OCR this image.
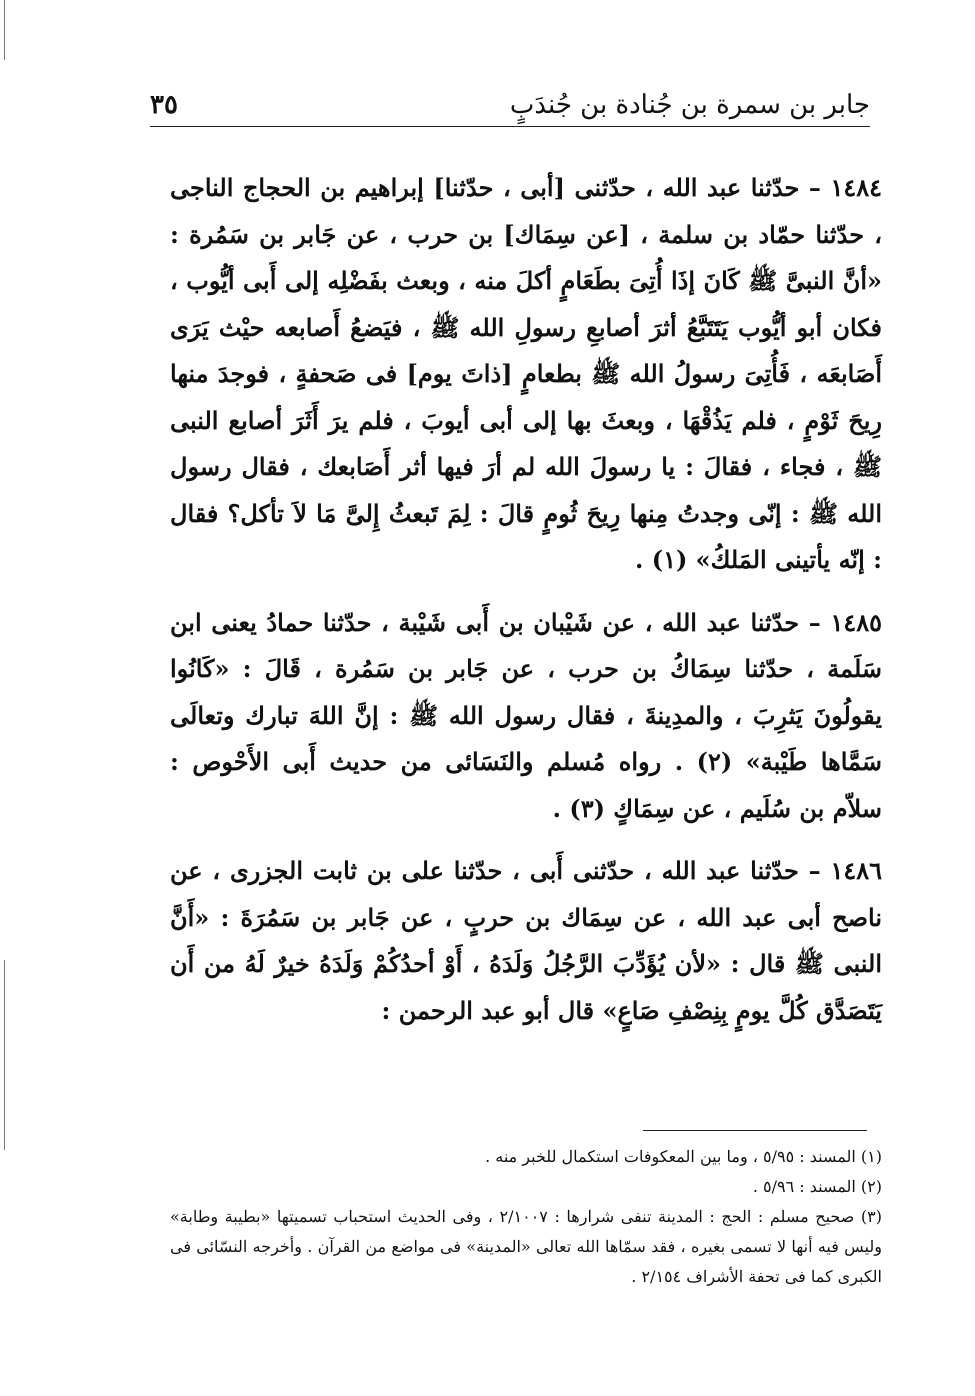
جابر بن سمرة بن جُنادة بن جُندَبٍ
٣٥

١٤٨٤ – حدّثنا عبد الله ، حدّثنى [أبى ، حدّثنا] إبراهيم بن الحجاج الناجى ، حدّثنا حمّاد بن سلمة ، [عن سِمَاك] بن حرب ، عن جَابر بن سَمُرة : «أنَّ النبىَّ ﷺ كَانَ إذَا أُتِىَ بطَعَامٍ أكلَ منه ، وبعث بفَضْلِه إلى أَبى أيُّوب ، فكان أبو أيُّوب يَتَتَبَّعُ أثرَ أصابعِ رسولِ الله ﷺ ، فيَضعُ أَصابعه حيْث يَرَى أَصَابعَه ، فَأُتِىَ رسولُ الله ﷺ بطعامٍ [ذاتَ يوم] فى صَحفةٍ ، فوجدَ منها رِيحَ ثَوْمٍ ، فلم يَذُقْهَا ، وبعثَ بها إلى أبى أيوبَ ، فلم يرَ أَثَرَ أصابع النبى ﷺ ، فجاء ، فقالَ : يا رسولَ الله لم أرَ فيها أثر أَصَابعك ، فقال رسول الله ﷺ : إنّى وجدتُ مِنها رِيحَ ثُومٍ قالَ : لِمَ تَبعثُ إِلىَّ مَا لاَ تأكل؟ فقال : إنّه يأتينى المَلكُ» (١) .

١٤٨٥ – حدّثنا عبد الله ، عن شَيْبان بن أَبى شَيْبة ، حدّثنا حمادُ يعنى ابن سَلَمة ، حدّثنا سِمَاكُ بن حرب ، عن جَابر بن سَمُرة ، قَالَ : «كَانُوا يقولُونَ يَثرِبَ ، والمدِينةَ ، فقال رسول الله ﷺ : إنَّ اللهَ تبارك وتعالَى سَمَّاها طَيْبة» (٢) . رواه مُسلم والنَسَائى من حديث أَبى الأَحْوص : سلاّم بن سُلَيم ، عن سِمَاكٍ (٣) .

١٤٨٦ – حدّثنا عبد الله ، حدّثنى أَبى ، حدّثنا على بن ثابت الجزرى ، عن ناصح أبى عبد الله ، عن سِمَاك بن حربٍ ، عن جَابر بن سَمُرَةَ : «أَنَّ النبى ﷺ قال : «لأن يُؤَدِّبَ الرَّجُلُ وَلَدَهُ ، أَوْ أحدُكُمْ وَلَدَهُ خيرٌ لَهُ من أَن يَتَصَدَّق كُلَّ يومٍ بِنِصْفِ صَاعٍ» قال أبو عبد الرحمن :

(١) المسند : ٥/٩٥ ، وما بين المعكوفات استكمال للخبر منه .

(٢) المسند : ٥/٩٦ .

(٣) صحيح مسلم : الحج : المدينة تنفى شرارها : ٢/١٠٠٧ ، وفى الحديث استحباب تسميتها «بطيبة وطابة» وليس فيه أنها لا تسمى بغيره ، فقد سمّاها الله تعالى «المدينة» فى مواضع من القرآن . وأخرجه النسّائى فى الكبرى كما فى تحفة الأشراف ٢/١٥٤ .
